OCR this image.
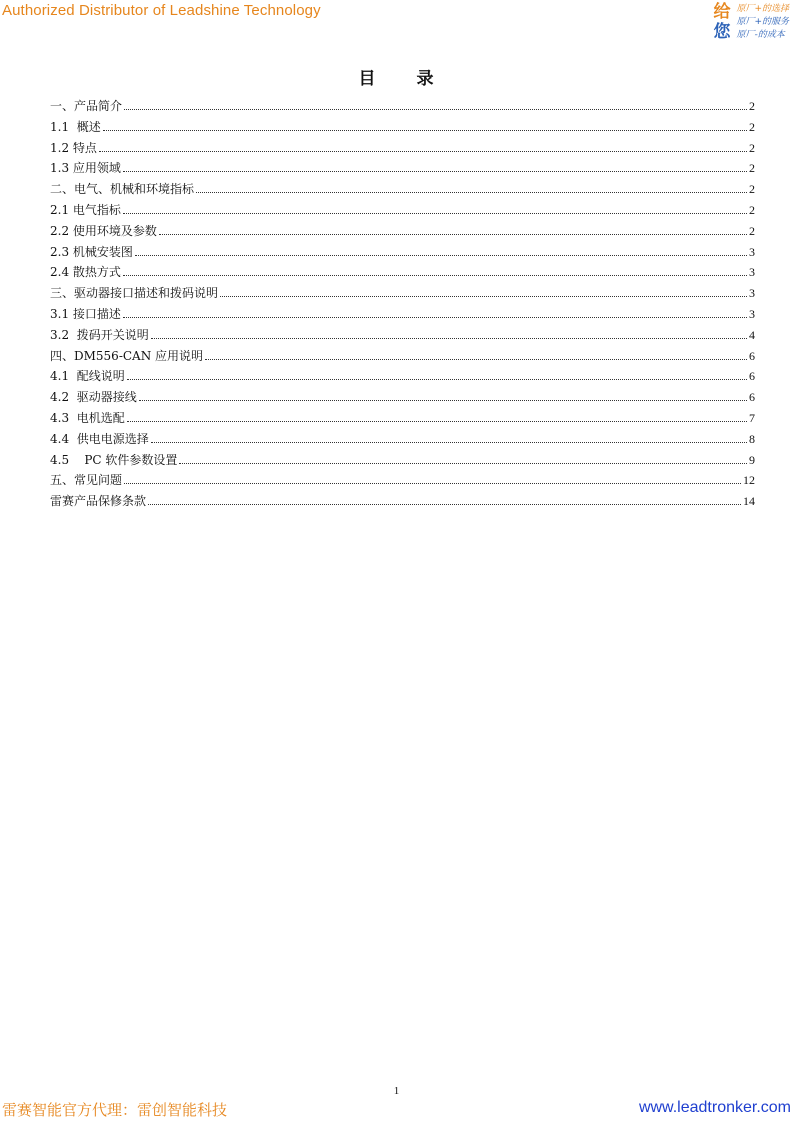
Authorized Distributor of Leadshine Technology	给
您
原厂+的选择
原厂+的服务
原厂-的成本
目 录
一、产品简介	2
1.1  概述	2
1.2 特点	2
1.3 应用领域	2
二、电气、机械和环境指标	2
2.1 电气指标	2
2.2 使用环境及参数	2
2.3 机械安装图	3
2.4 散热方式	3
三、驱动器接口描述和拨码说明	3
3.1 接口描述	3
3.2  拨码开关说明	4
四、DM556-CAN 应用说明	6
4.1  配线说明	6
4.2  驱动器接线	6
4.3  电机选配	7
4.4  供电电源选择	8
4.5    PC 软件参数设置	9
五、常见问题	12
雷赛产品保修条款	14
1
雷赛智能官方代理：雷创智能科技	www.leadtronker.com
